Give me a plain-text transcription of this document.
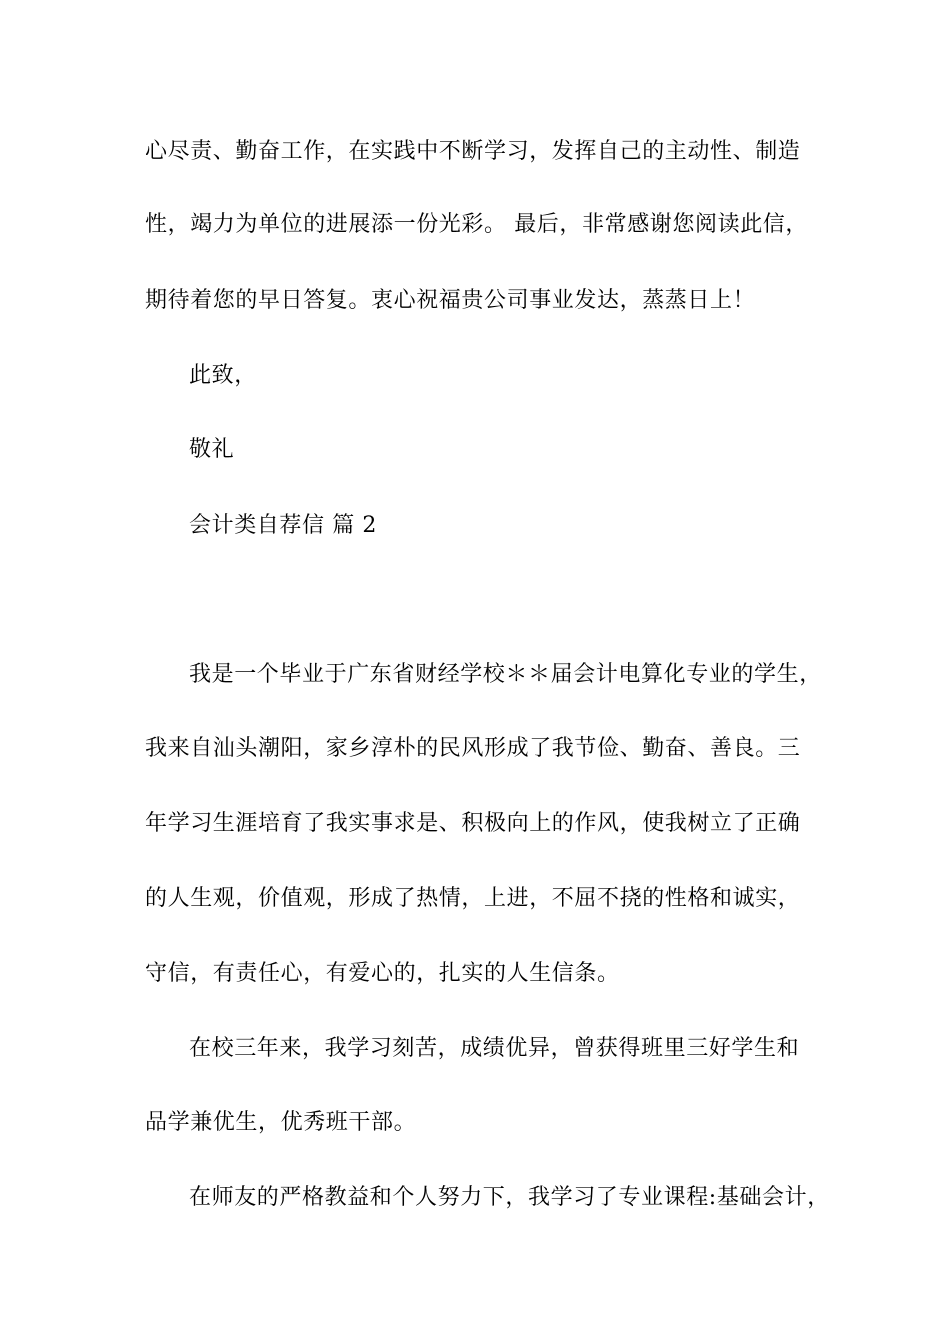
心尽责、勤奋工作，在实践中不断学习，发挥自己的主动性、制造
性，竭力为单位的进展添一份光彩。 最后，非常感谢您阅读此信，
期待着您的早日答复。衷心祝福贵公司事业发达，蒸蒸日上！
此致，
敬礼
会计类自荐信 篇 2
我是一个毕业于广东省财经学校＊＊届会计电算化专业的学生，
我来自汕头潮阳，家乡淳朴的民风形成了我节俭、勤奋、善良。三
年学习生涯培育了我实事求是、积极向上的作风，使我树立了正确
的人生观，价值观，形成了热情，上进，不屈不挠的性格和诚实，
守信，有责任心，有爱心的，扎实的人生信条。
在校三年来，我学习刻苦，成绩优异，曾获得班里三好学生和
品学兼优生，优秀班干部。
在师友的严格教益和个人努力下，我学习了专业课程:基础会计，
